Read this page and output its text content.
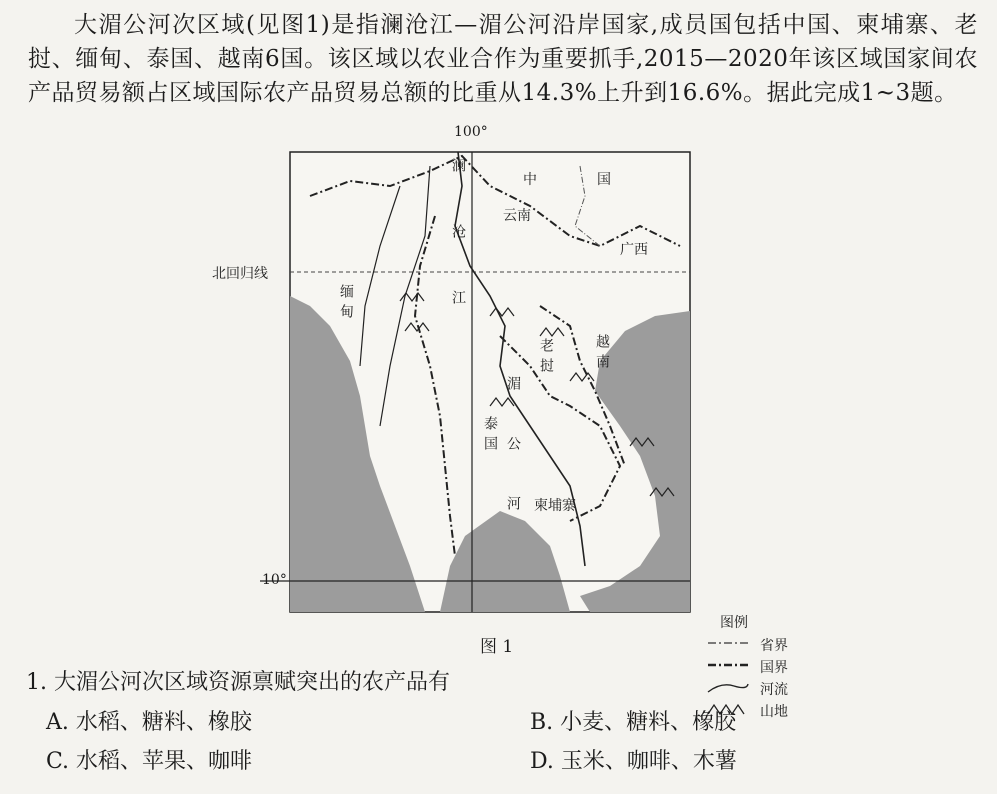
大湄公河次区域(见图1)是指澜沧江—湄公河沿岸国家,成员国包括中国、柬埔寨、老挝、缅甸、泰国、越南6国。该区域以农业合作为重要抓手,2015—2020年该区域国家间农产品贸易额占区域国际农产品贸易总额的比重从14.3%上升到16.6%。据此完成1~3题。
100°
北回归线
10°
中	国
云南
广西
缅甸
老挝	越南
泰国
柬埔寨
澜沧江
湄公河
图例
省界
国界
河流
山地
图 1
1. 大湄公河次区域资源禀赋突出的农产品有
A. 水稻、糖料、橡胶	B. 小麦、糖料、橡胶
C. 水稻、苹果、咖啡	D. 玉米、咖啡、木薯
